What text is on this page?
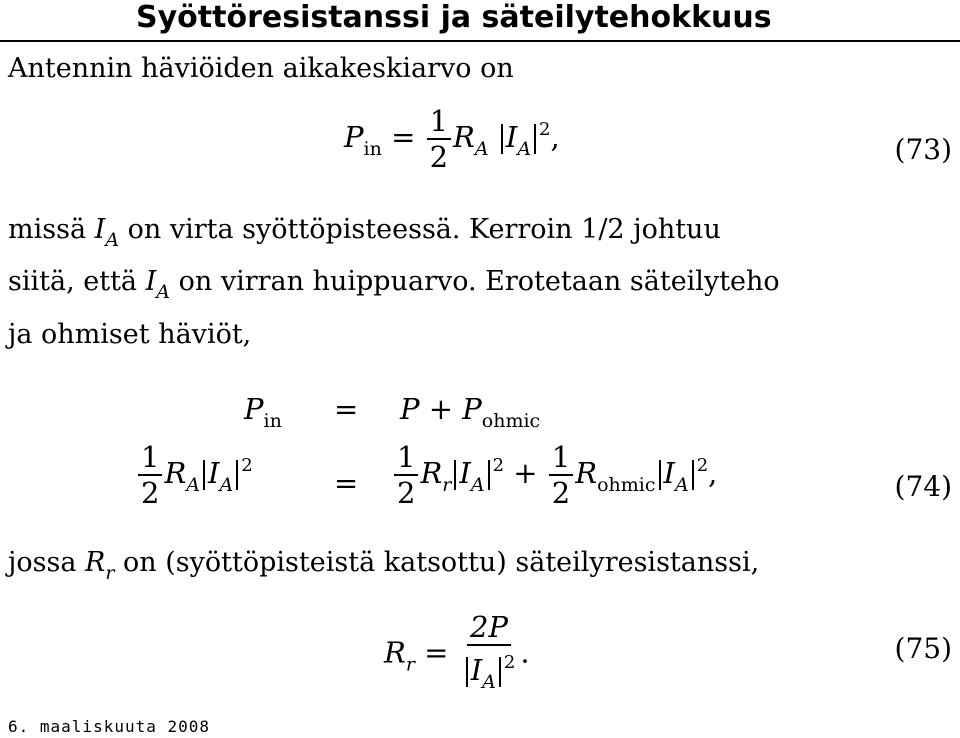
Syöttöresistanssi ja säteilytehokkuus

Antennin häviöiden aikakeskiarvo on

$P_{in} = \frac{1}{2} R_A$ $I_A^2$,	(73)

missä $I_A$ on virta syöttöpisteessä. Kerroin 1/2 johtuu

siitä, että $I_A$ on virran huippuarvo. Erotetaan säteilyteho

ja ohmiset häviöt,

$P_{in} = P + P_{ohmic}$
$\frac{1}{2} R_A$ $I_A^2$
= $\frac{1}{2} R_r$ $I_A^2 + \frac{1}{2} R_{ohmic}$ $I_A^2$,	(74)

jossa $R_r$ on (syöttöpisteistä katsottu) säteilyresistanssi,

$R_r = \frac{2P}{I_A^2}$ .	(75)
6. maaliskuuta 2008
